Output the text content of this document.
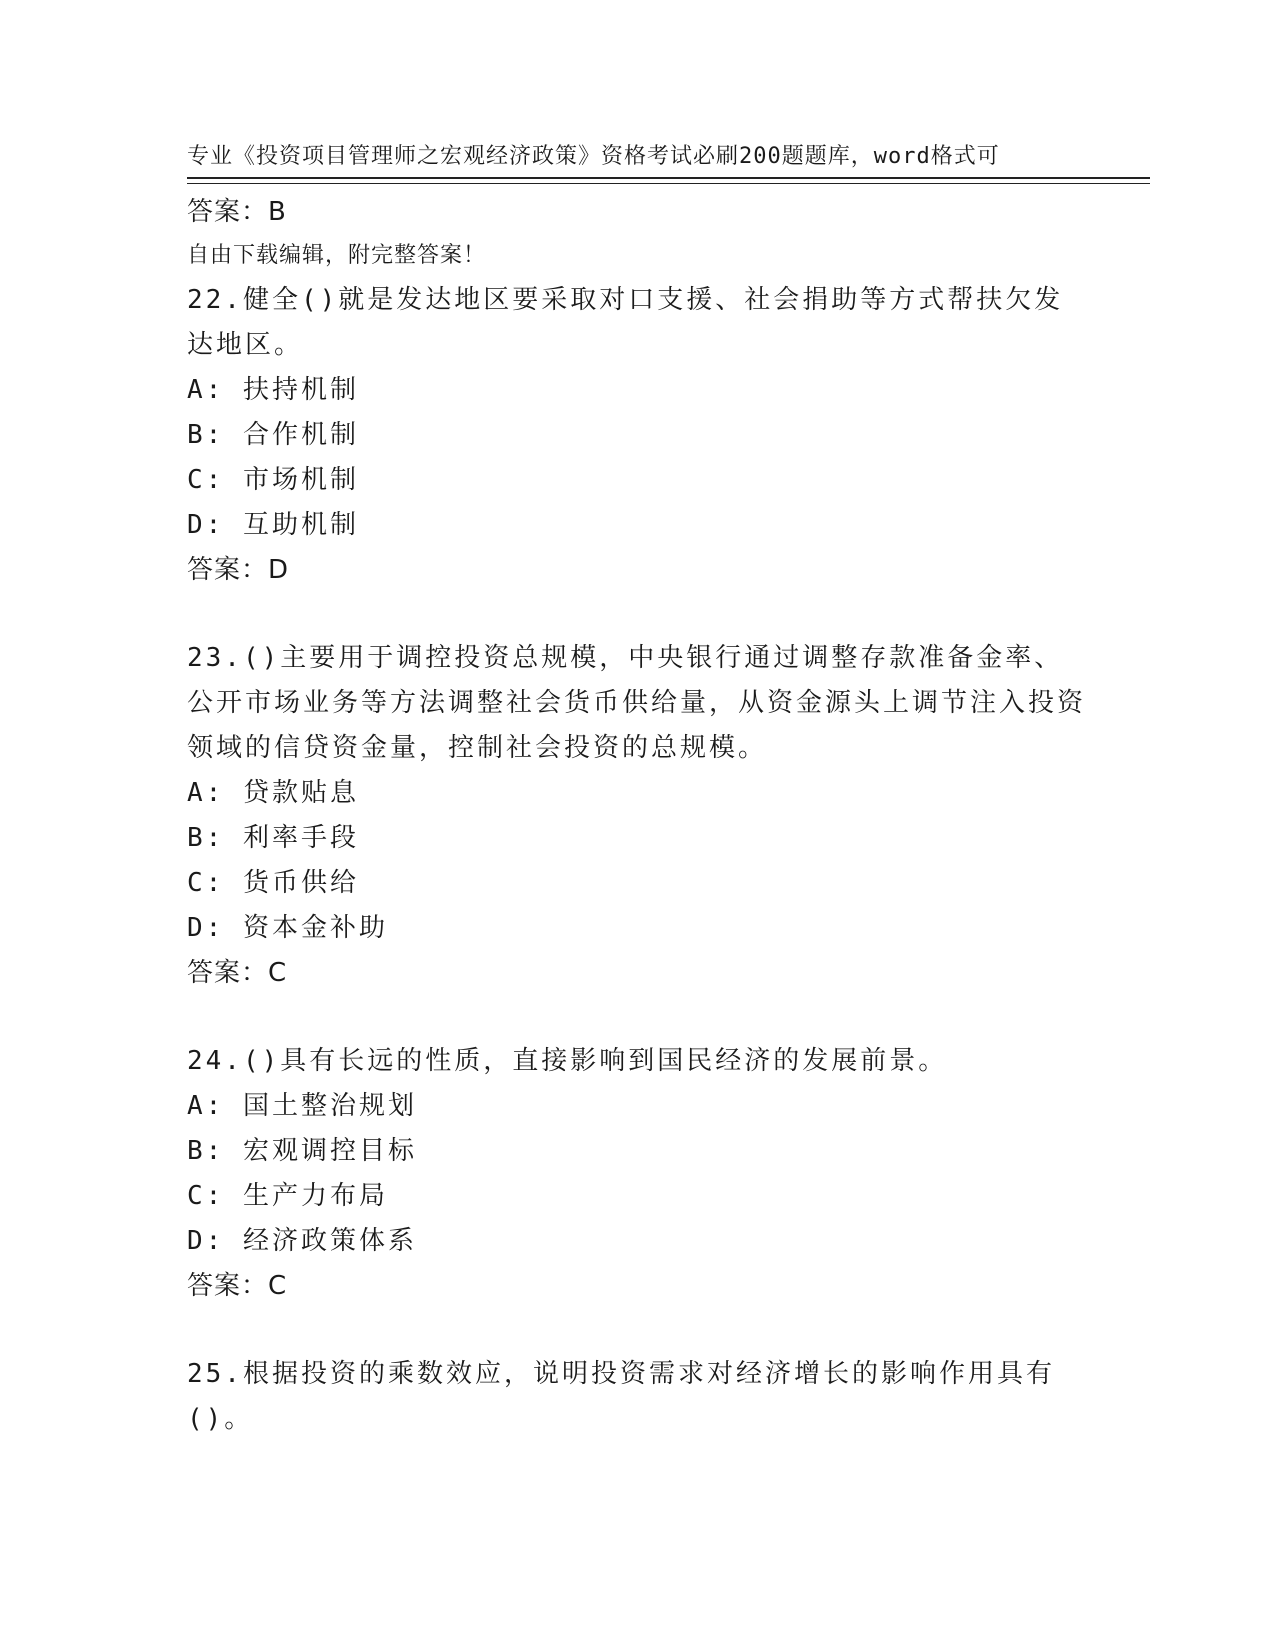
专业《投资项目管理师之宏观经济政策》资格考试必刷200题题库，word格式可

自由下载编辑，附完整答案！

答案：B
22.健全()就是发达地区要采取对口支援、社会捐助等方式帮扶欠发达地区。
A: 扶持机制
B: 合作机制
C: 市场机制
D: 互助机制
答案：D
23.()主要用于调控投资总规模，中央银行通过调整存款准备金率、公开市场业务等方法调整社会货币供给量，从资金源头上调节注入投资领域的信贷资金量，控制社会投资的总规模。
A: 贷款贴息
B: 利率手段
C: 货币供给
D: 资本金补助
答案：C
24.()具有长远的性质，直接影响到国民经济的发展前景。
A: 国土整治规划
B: 宏观调控目标
C: 生产力布局
D: 经济政策体系
答案：C
25.根据投资的乘数效应，说明投资需求对经济增长的影响作用具有()。
